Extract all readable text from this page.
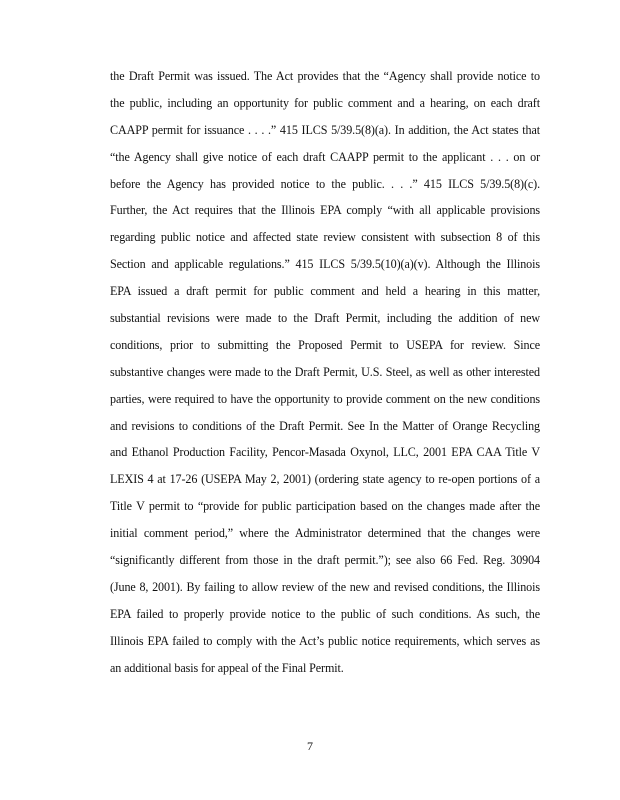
the Draft Permit was issued. The Act provides that the “Agency shall provide notice to
the public, including an opportunity for public comment and a hearing, on each draft
CAAPP permit for issuance . . . .” 415 ILCS 5/39.5(8)(a). In addition, the Act states that
“the Agency shall give notice of each draft CAAPP permit to the applicant . . . on or
before the Agency has provided notice to the public. . . .” 415 ILCS 5/39.5(8)(c).
Further, the Act requires that the Illinois EPA comply “with all applicable provisions
regarding public notice and affected state review consistent with subsection 8 of this
Section and applicable regulations.” 415 ILCS 5/39.5(10)(a)(v). Although the Illinois
EPA issued a draft permit for public comment and held a hearing in this matter,
substantial revisions were made to the Draft Permit, including the addition of new
conditions, prior to submitting the Proposed Permit to USEPA for review. Since
substantive changes were made to the Draft Permit, U.S. Steel, as well as other interested
parties, were required to have the opportunity to provide comment on the new conditions
and revisions to conditions of the Draft Permit. See In the Matter of Orange Recycling
and Ethanol Production Facility, Pencor-Masada Oxynol, LLC, 2001 EPA CAA Title V
LEXIS 4 at 17-26 (USEPA May 2, 2001) (ordering state agency to re-open portions of a
Title V permit to “provide for public participation based on the changes made after the
initial comment period,” where the Administrator determined that the changes were
“significantly different from those in the draft permit.”); see also 66 Fed. Reg. 30904
(June 8, 2001). By failing to allow review of the new and revised conditions, the Illinois
EPA failed to properly provide notice to the public of such conditions. As such, the
Illinois EPA failed to comply with the Act’s public notice requirements, which serves as
an additional basis for appeal of the Final Permit.
7
